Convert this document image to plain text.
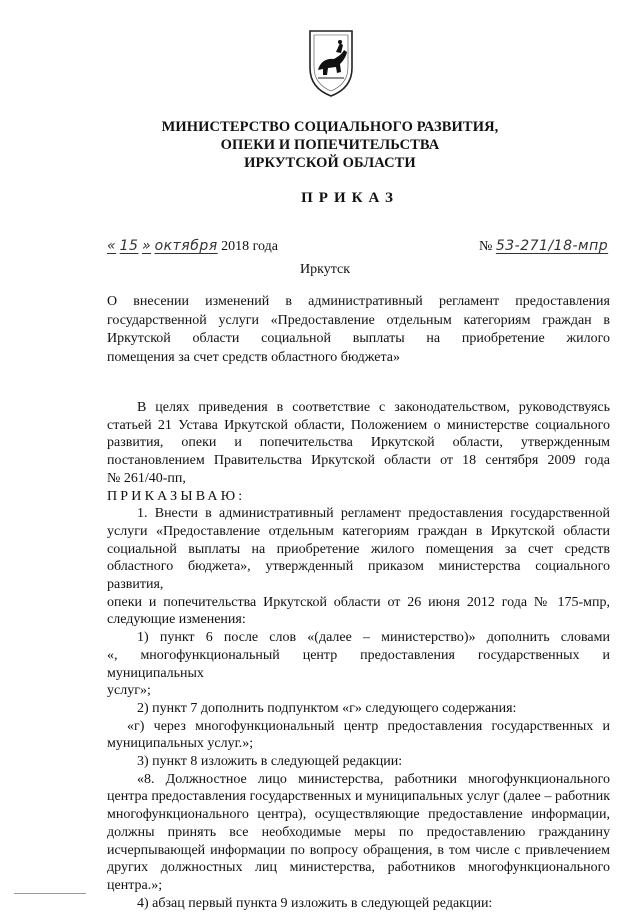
МИНИСТЕРСТВО СОЦИАЛЬНОГО РАЗВИТИЯ,
ОПЕКИ И ПОПЕЧИТЕЛЬСТВА
ИРКУТСКОЙ ОБЛАСТИ
ПРИКАЗ
« 15 » октября 2018 года	№ 53-271/18-мпр
Иркутск
О внесении изменений в административный регламент предоставления
государственной услуги «Предоставление отдельным категориям граждан в
Иркутской области социальной выплаты на приобретение жилого
помещения за счет средств областного бюджета»
В целях приведения в соответствие с законодательством, руководствуясь
статьей 21 Устава Иркутской области, Положением о министерстве социального
развития, опеки и попечительства Иркутской области, утвержденным
постановлением Правительства Иркутской области от 18 сентября 2009 года
№ 261/40-пп,
ПРИКАЗЫВАЮ:
1. Внести в административный регламент предоставления государственной
услуги «Предоставление отдельным категориям граждан в Иркутской области
социальной выплаты на приобретение жилого помещения за счет средств
областного бюджета», утвержденный приказом министерства социального развития,
опеки и попечительства Иркутской области от 26 июня 2012 года № 175-мпр,
следующие изменения:
1) пункт 6 после слов «(далее – министерство)» дополнить словами
«, многофункциональный центр предоставления государственных и муниципальных
услуг»;
2) пункт 7 дополнить подпунктом «г» следующего содержания:
«г) через многофункциональный центр предоставления государственных и
муниципальных услуг.»;
3) пункт 8 изложить в следующей редакции:
«8. Должностное лицо министерства, работники многофункционального
центра предоставления государственных и муниципальных услуг (далее – работник
многофункционального центра), осуществляющие предоставление информации,
должны принять все необходимые меры по предоставлению гражданину
исчерпывающей информации по вопросу обращения, в том числе с привлечением
других должностных лиц министерства, работников многофункционального
центра.»;
4) абзац первый пункта 9 изложить в следующей редакции:
